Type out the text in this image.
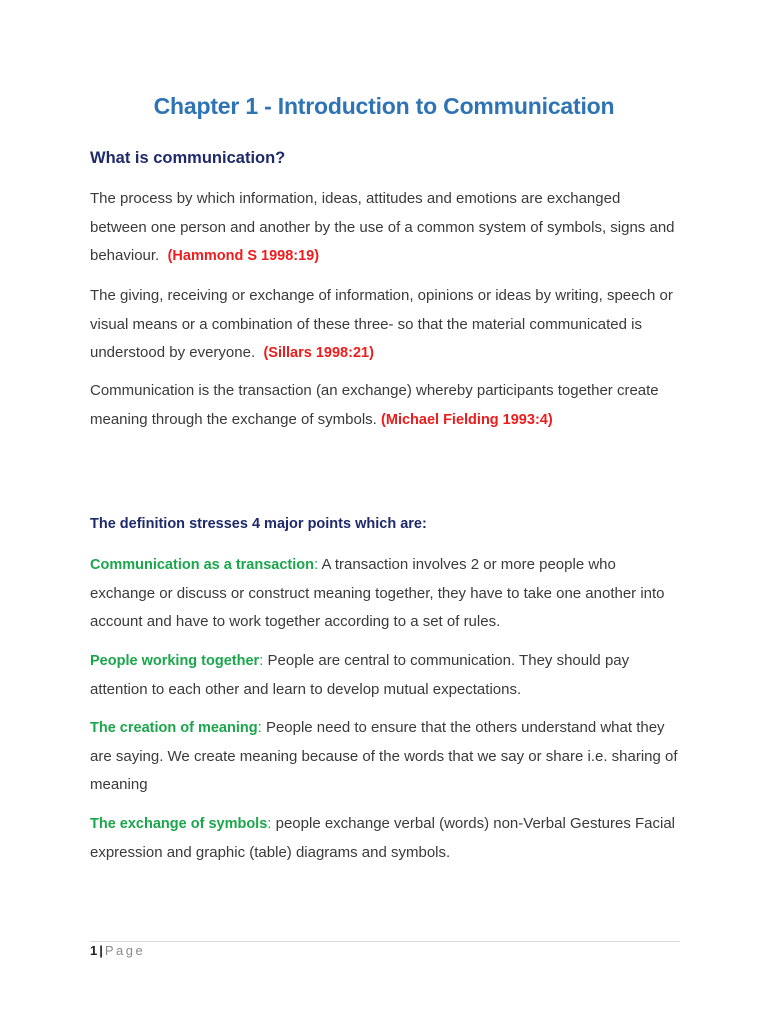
Chapter 1 - Introduction to Communication
What is communication?
The process by which information, ideas, attitudes and emotions are exchanged between one person and another by the use of a common system of symbols, signs and behaviour. (Hammond S 1998:19)
The giving, receiving or exchange of information, opinions or ideas by writing, speech or visual means or a combination of these three- so that the material communicated is understood by everyone. (Sillars 1998:21)
Communication is the transaction (an exchange) whereby participants together create meaning through the exchange of symbols. (Michael Fielding 1993:4)
The definition stresses 4 major points which are:
Communication as a transaction: A transaction involves 2 or more people who exchange or discuss or construct meaning together, they have to take one another into account and have to work together according to a set of rules.
People working together: People are central to communication. They should pay attention to each other and learn to develop mutual expectations.
The creation of meaning: People need to ensure that the others understand what they are saying. We create meaning because of the words that we say or share i.e. sharing of meaning
The exchange of symbols: people exchange verbal (words) non-Verbal Gestures Facial expression and graphic (table) diagrams and symbols.
1 | Page
